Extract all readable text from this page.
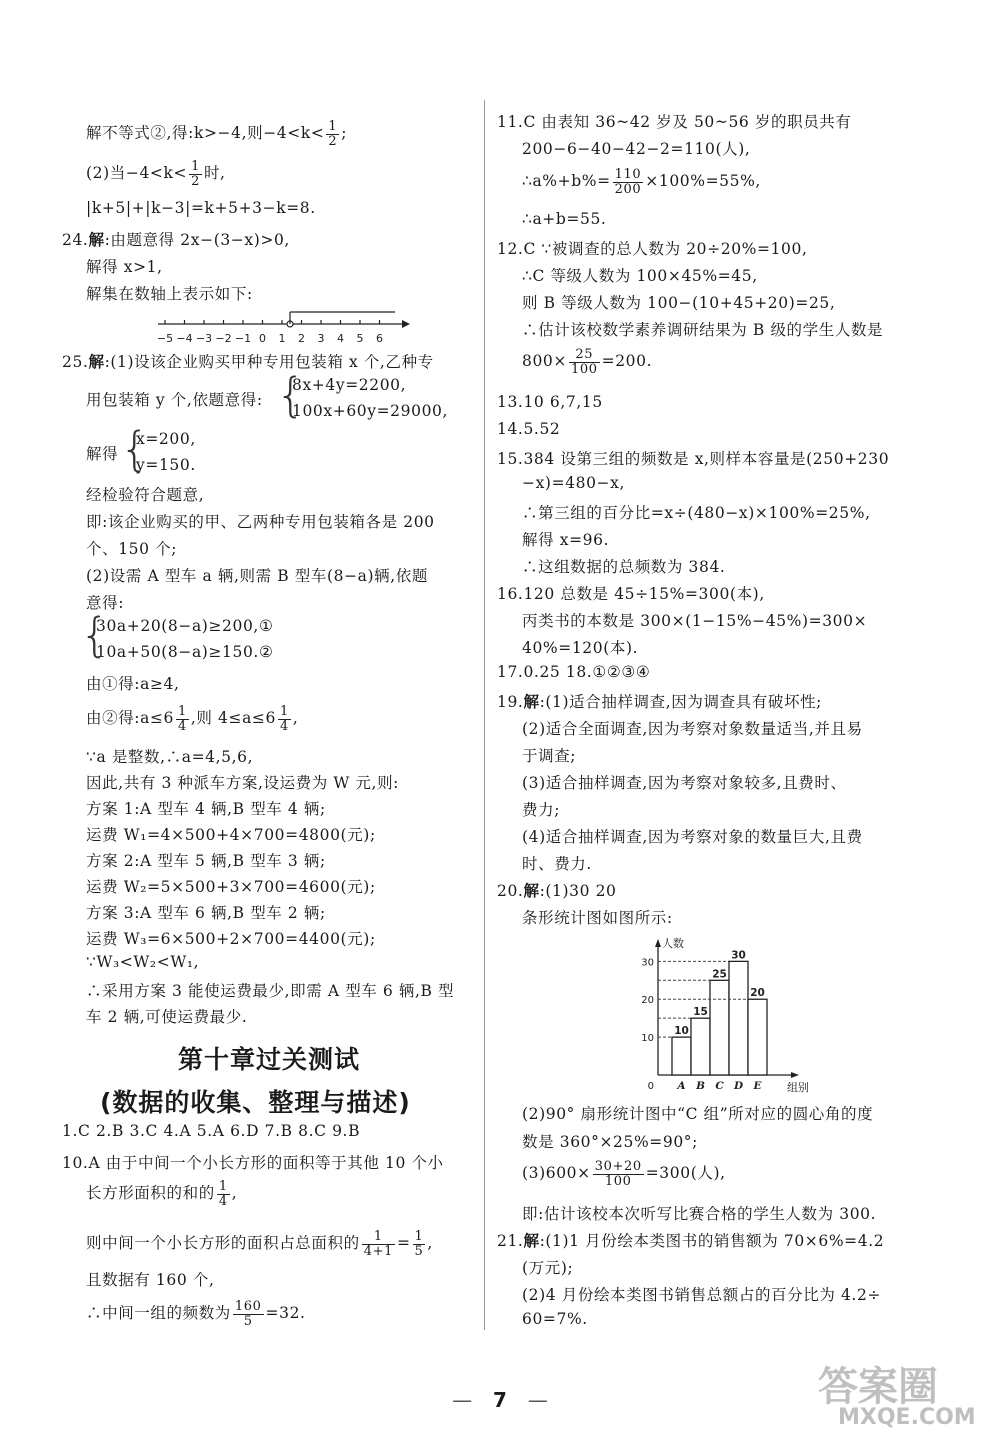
解不等式②,得:k>−4,则$-4<k< \frac{1}{2}$ ;
(2)当$-4<k< \frac{1}{2}$ 时,
|k+5|+|k−3|=k+5+3−k=8.
24.解:由题意得 2x−(3−x)>0,
解得 x>1,
解集在数轴上表示如下:
−5 −4 −3 −2 −1 0 1 2 3 4 5 6
25.解:(1)设该企业购买甲种专用包装箱 x 个,乙种专
用包装箱 y 个,依题意得: {
8x+4y=2200,
100x+60y=29000,
解得 {
x=200,
y=150.
经检验符合题意,
即:该企业购买的甲、乙两种专用包装箱各是 200
个、150 个;
(2)设需 A 型车 a 辆,则需 B 型车(8−a)辆,依题
意得:
{
30a+20(8−a)≥200,①
10a+50(8−a)≥150.②
由①得:a≥4,
由②得:a≤6 $\frac{1}{4}$ ,则 $4\le a\le 6 \frac{1}{4}$ ,
∵a 是整数,∴a=4,5,6,
因此,共有 3 种派车方案,设运费为 W 元,则:
方案 1:A 型车 4 辆,B 型车 4 辆;
运费 W₁=4×500+4×700=4800(元);
方案 2:A 型车 5 辆,B 型车 3 辆;
运费 W₂=5×500+3×700=4600(元);
方案 3:A 型车 6 辆,B 型车 2 辆;
运费 W₃=6×500+2×700=4400(元);
∵W₃<W₂<W₁,
∴采用方案 3 能使运费最少,即需 A 型车 6 辆,B 型
车 2 辆,可使运费最少.
第十章过关测试
(数据的收集、整理与描述)
1.C 2.B 3.C 4.A 5.A 6.D 7.B 8.C 9.B
10.A 由于中间一个小长方形的面积等于其他 10 个小
长方形面积的和的 $\frac{1}{4}$ ,
则中间一个小长方形的面积占总面积的 $\frac{1}{4+1} = \frac{1}{5}$ ,
且数据有 160 个,
∴中间一组的频数为 $\frac{160}{5} =32$.
11.C 由表知 36~42 岁及 50~56 岁的职员共有
200−6−40−42−2=110(人),
∴a%+b%= $\frac{110}{200} \times 100\%=55\%$,
∴a+b=55.
12.C ∵被调查的总人数为 20÷20%=100,
∴C 等级人数为 100×45%=45,
则 B 等级人数为 100−(10+45+20)=25,
∴估计该校数学素养调研结果为 B 级的学生人数是
$800\times \frac{25}{100} =200$.
13.10 6,7,15
14.5.52
15.384 设第三组的频数是 x,则样本容量是(250+230
−x)=480−x,
∴第三组的百分比=x÷(480−x)×100%=25%,
解得 x=96.
∴这组数据的总频数为 384.
16.120 总数是 45÷15%=300(本),
丙类书的本数是 300×(1−15%−45%)=300×
40%=120(本).
17.0.25 18.①②③④
19.解:(1)适合抽样调查,因为调查具有破坏性;
(2)适合全面调查,因为考察对象数量适当,并且易
于调查;
(3)适合抽样调查,因为考察对象较多,且费时、
费力;
(4)适合抽样调查,因为考察对象的数量巨大,且费
时、费力.
20.解:(1)30 20
条形统计图如图所示:
人数
组别
0
10
20
30
10
A
15
B
25
C
30
D
20
E
(2)90° 扇形统计图中“C 组”所对应的圆心角的度
数是 360°×25%=90°;
$(3)600\times \frac{30+20}{100} =300$(人),
即:估计该校本次听写比赛合格的学生人数为 300.
21.解:(1)1 月份绘本类图书的销售额为 70×6%=4.2
(万元);
(2)4 月份绘本类图书销售总额占的百分比为 4.2÷
60=7%.
— 7 —	答案圈
MXQE.COM
